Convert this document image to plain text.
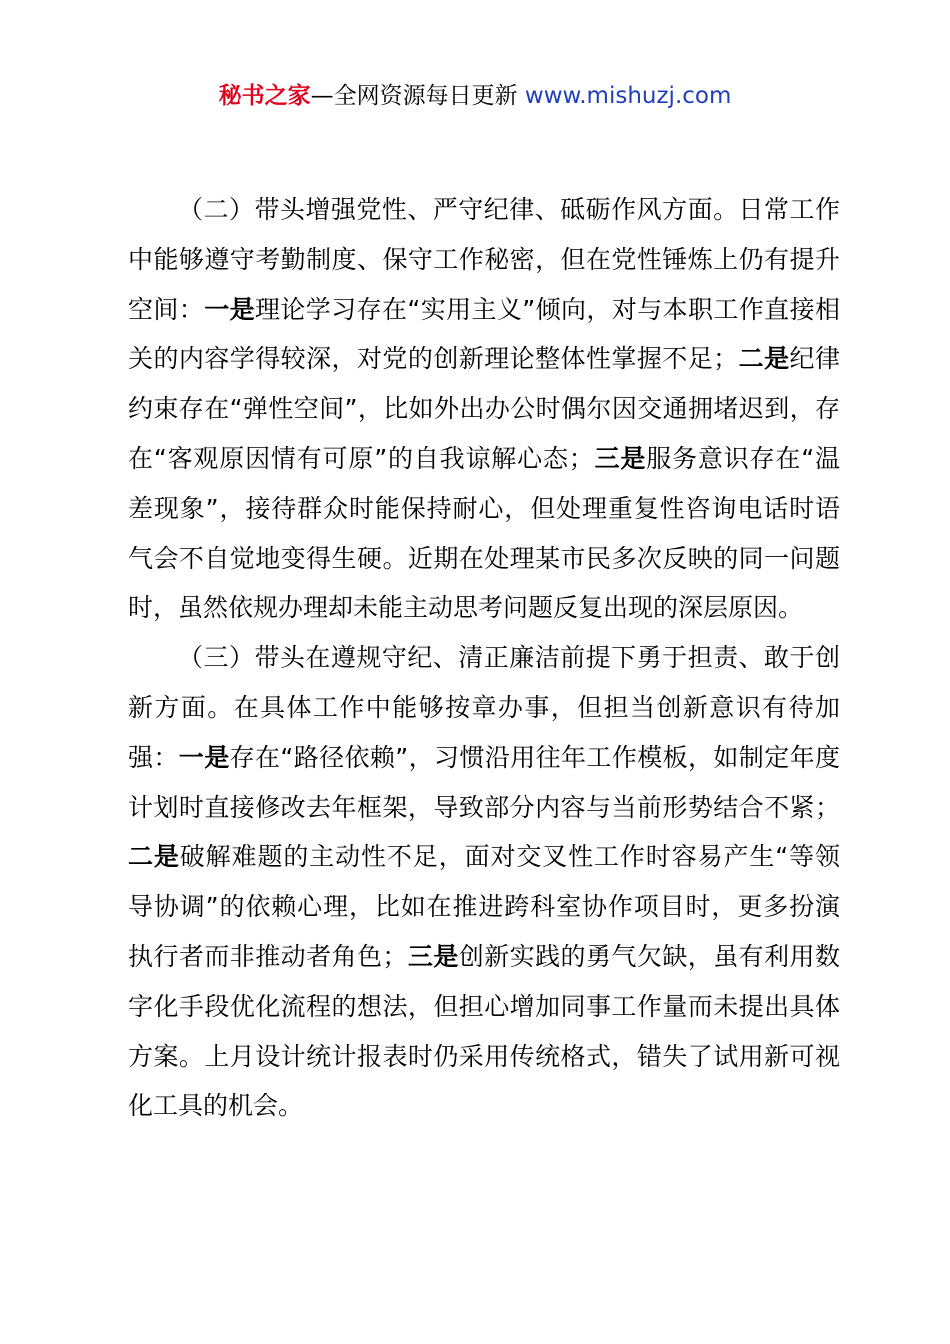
秘书之家—全网资源每日更新 www.mishuzj.com

（二）带头增强党性、严守纪律、砥砺作风方面。日常工作中能够遵守考勤制度、保守工作秘密，但在党性锤炼上仍有提升空间：一是理论学习存在“实用主义”倾向，对与本职工作直接相关的内容学得较深，对党的创新理论整体性掌握不足；二是纪律约束存在“弹性空间”，比如外出办公时偶尔因交通拥堵迟到，存在“客观原因情有可原”的自我谅解心态；三是服务意识存在“温差现象”，接待群众时能保持耐心，但处理重复性咨询电话时语气会不自觉地变得生硬。近期在处理某市民多次反映的同一问题时，虽然依规办理却未能主动思考问题反复出现的深层原因。

（三）带头在遵规守纪、清正廉洁前提下勇于担责、敢于创新方面。在具体工作中能够按章办事，但担当创新意识有待加强：一是存在“路径依赖”，习惯沿用往年工作模板，如制定年度计划时直接修改去年框架，导致部分内容与当前形势结合不紧；二是破解难题的主动性不足，面对交叉性工作时容易产生“等领导协调”的依赖心理，比如在推进跨科室协作项目时，更多扮演执行者而非推动者角色；三是创新实践的勇气欠缺，虽有利用数字化手段优化流程的想法，但担心增加同事工作量而未提出具体方案。上月设计统计报表时仍采用传统格式，错失了试用新可视化工具的机会。
